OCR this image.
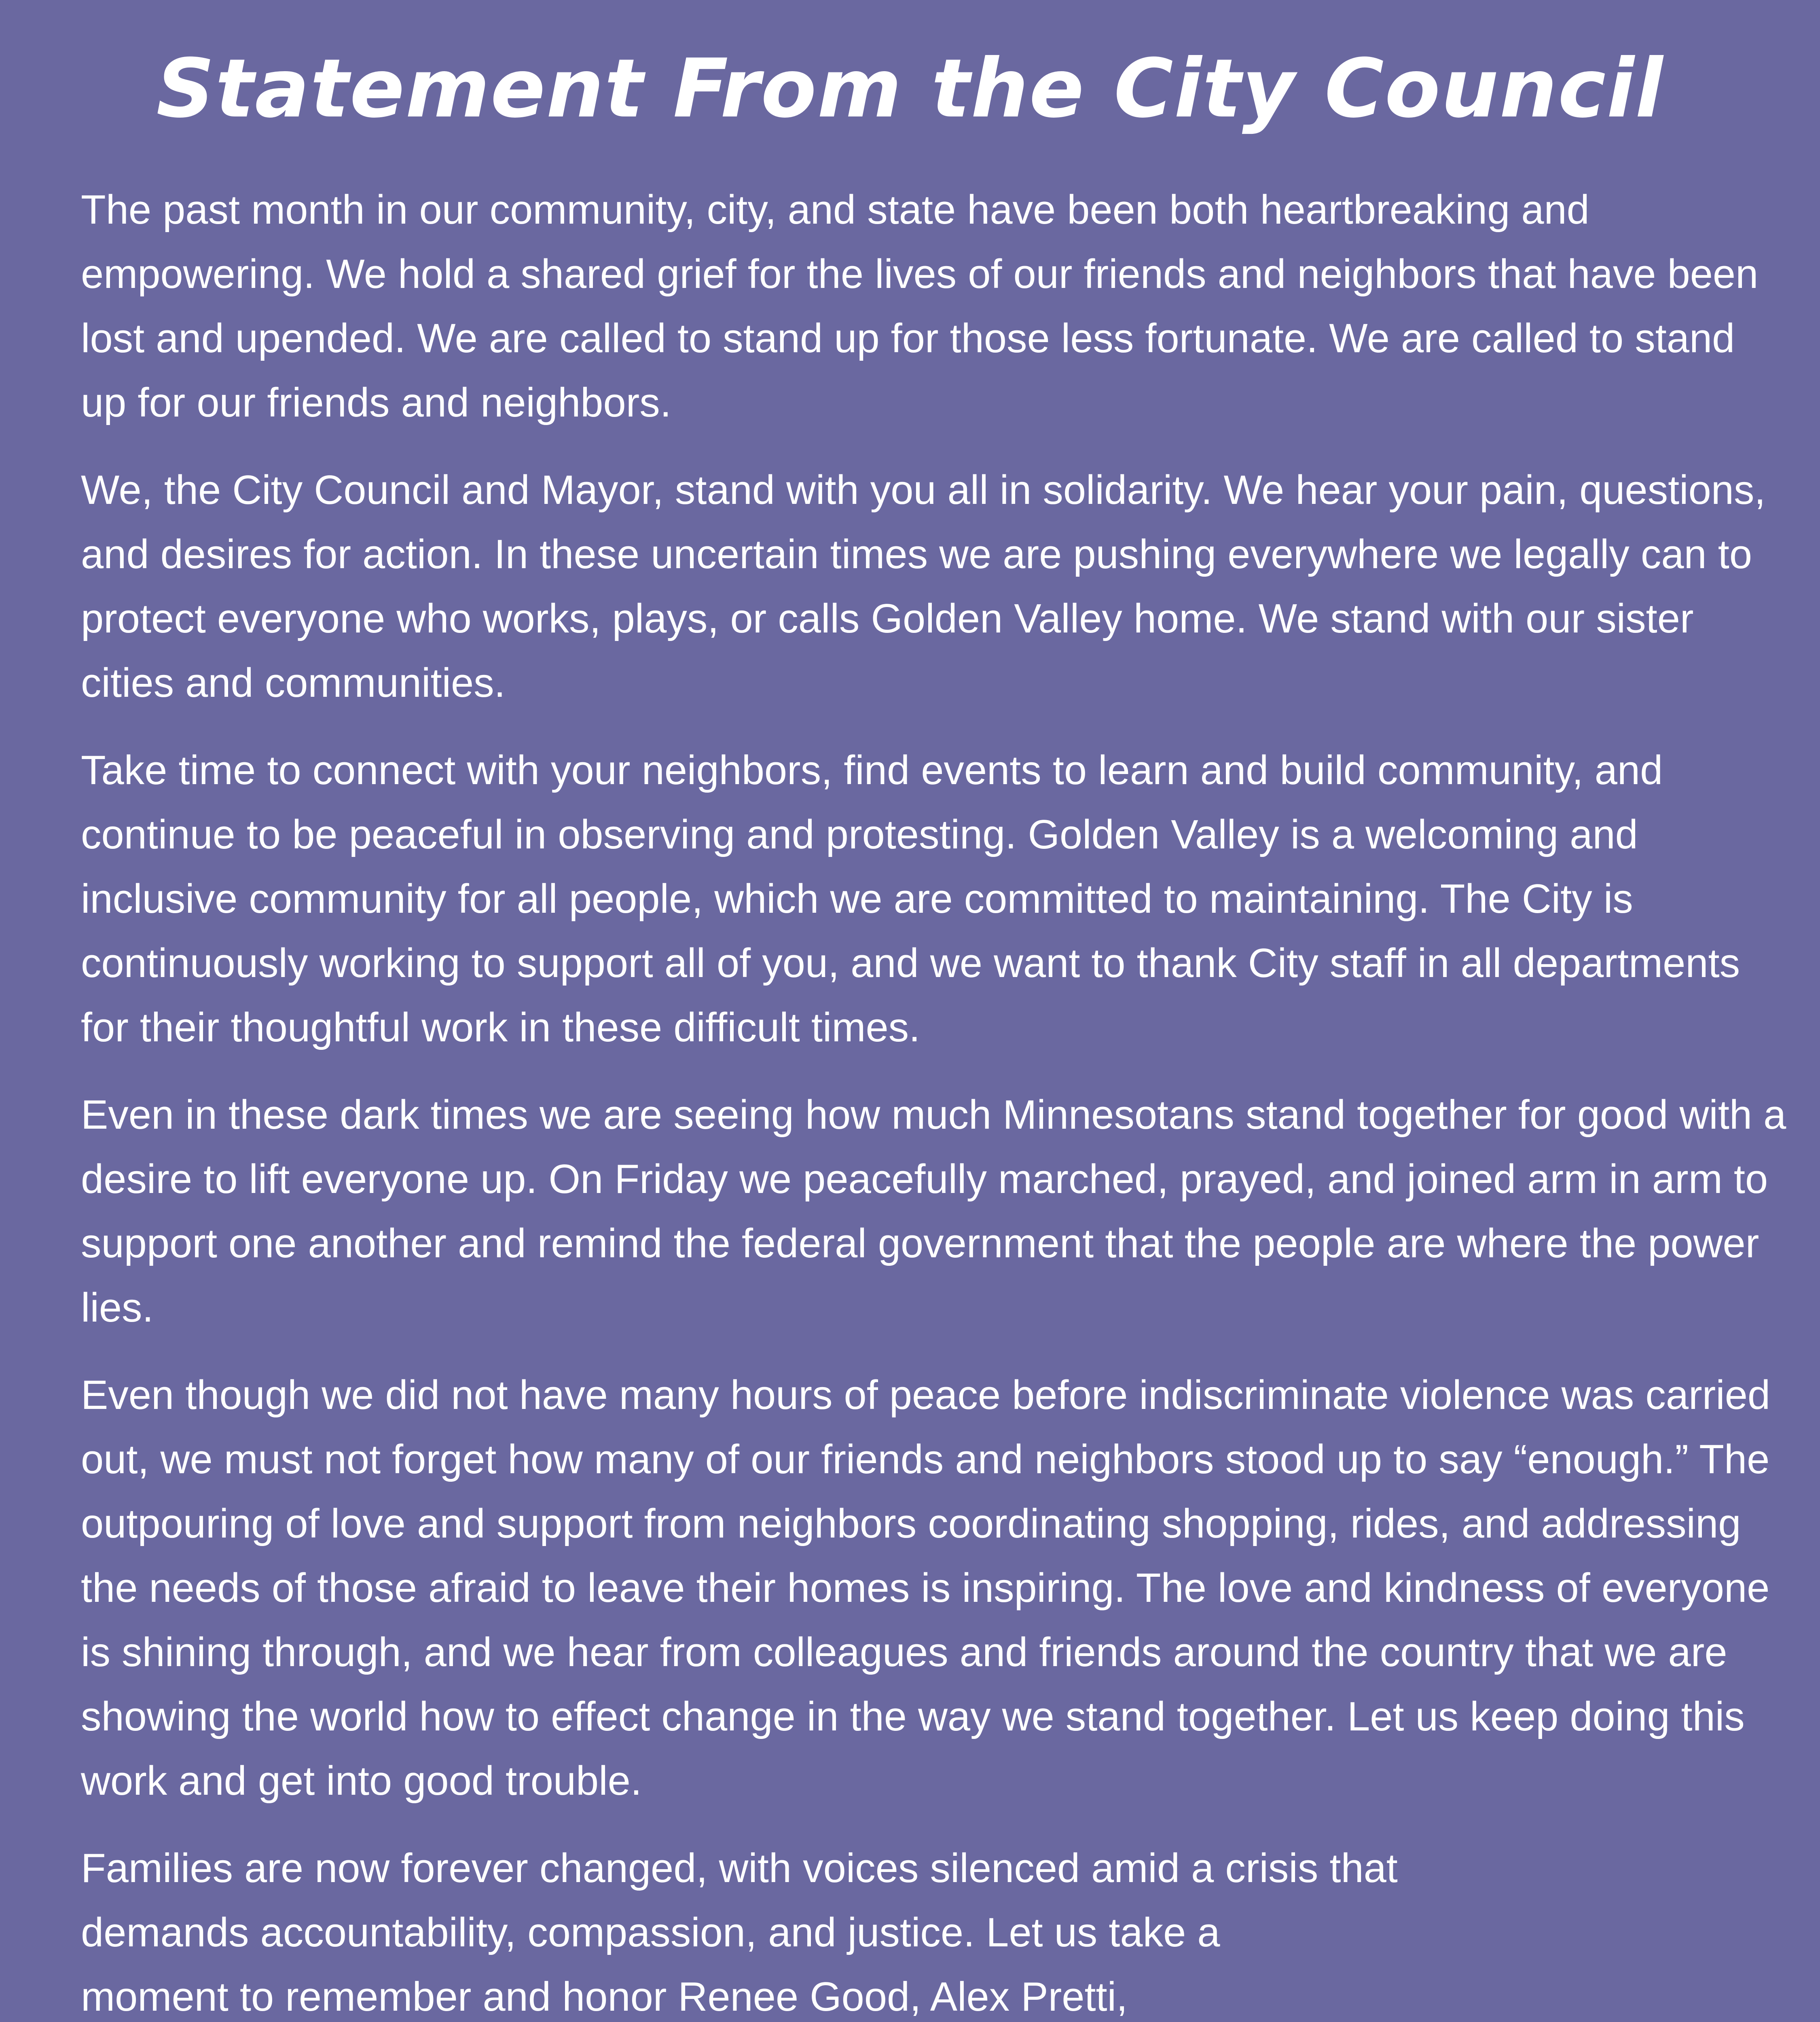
Statement From the City Council

The past month in our community, city, and state have been both heartbreaking and empowering. We hold a shared grief for the lives of our friends and neighbors that have been lost and upended. We are called to stand up for those less fortunate. We are called to stand up for our friends and neighbors.

We, the City Council and Mayor, stand with you all in solidarity. We hear your pain, questions, and desires for action. In these uncertain times we are pushing everywhere we legally can to protect everyone who works, plays, or calls Golden Valley home. We stand with our sister cities and communities.

Take time to connect with your neighbors, find events to learn and build community, and continue to be peaceful in observing and protesting. Golden Valley is a welcoming and inclusive community for all people, which we are committed to maintaining. The City is continuously working to support all of you, and we want to thank City staff in all departments for their thoughtful work in these difficult times.

Even in these dark times we are seeing how much Minnesotans stand together for good with a desire to lift everyone up. On Friday we peacefully marched, prayed, and joined arm in arm to support one another and remind the federal government that the people are where the power lies.

Even though we did not have many hours of peace before indiscriminate violence was carried out, we must not forget how many of our friends and neighbors stood up to say “enough.” The outpouring of love and support from neighbors coordinating shopping, rides, and addressing the needs of those afraid to leave their homes is inspiring. The love and kindness of everyone is shining through, and we hear from colleagues and friends around the country that we are showing the world how to effect change in the way we stand together. Let us keep doing this work and get into good trouble.

Families are now forever changed, with voices silenced amid a crisis that
demands accountability, compassion, and justice. Let us take a
moment to remember and honor Renee Good, Alex Pretti,
